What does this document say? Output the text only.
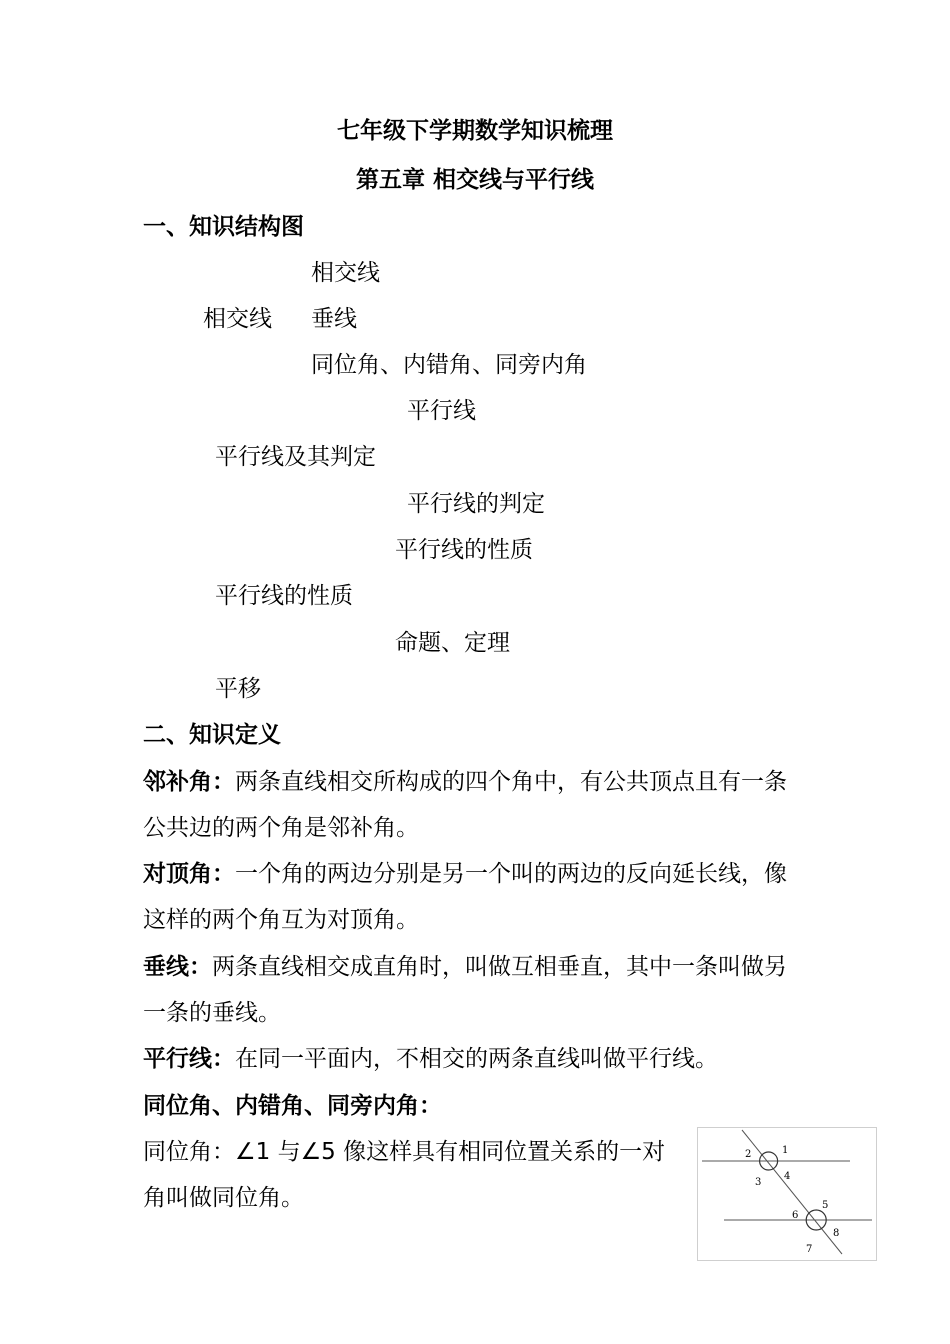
七年级下学期数学知识梳理
第五章 相交线与平行线
一、知识结构图
相交线
相交线 垂线
同位角、内错角、同旁内角
平行线
平行线及其判定
平行线的判定
平行线的性质
平行线的性质
命题、定理
平移
二、知识定义
邻补角：两条直线相交所构成的四个角中，有公共顶点且有一条
公共边的两个角是邻补角。
对顶角：一个角的两边分别是另一个叫的两边的反向延长线，像
这样的两个角互为对顶角。
垂线：两条直线相交成直角时，叫做互相垂直，其中一条叫做另
一条的垂线。
平行线：在同一平面内，不相交的两条直线叫做平行线。
同位角、内错角、同旁内角：
同位角：∠1 与∠5 像这样具有相同位置关系的一对
角叫做同位角。
1
2
3
4
5
6
7
8
